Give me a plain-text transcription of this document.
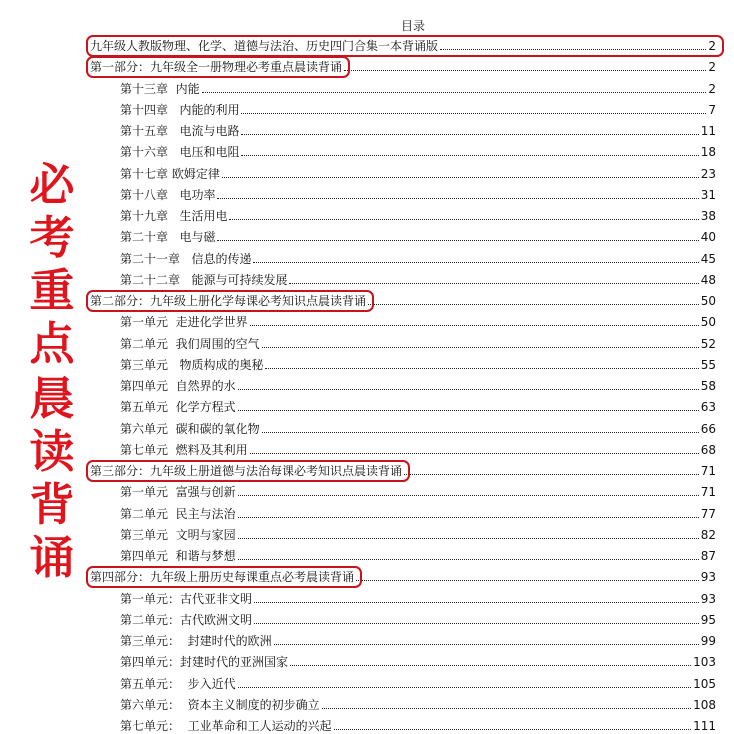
目录
必
考
重
点
晨
读
背
诵
九年级人教版物理、化学、道德与法治、历史四门合集一本背诵版	2
第一部分：九年级全一册物理必考重点晨读背诵	2
第十三章  内能	2
第十四章   内能的利用	7
第十五章   电流与电路	11
第十六章   电压和电阻	18
第十七章 欧姆定律	23
第十八章   电功率	31
第十九章   生活用电	38
第二十章   电与磁	40
第二十一章   信息的传递	45
第二十二章   能源与可持续发展	48
第二部分：九年级上册化学每课必考知识点晨读背诵	50
第一单元  走进化学世界	50
第二单元  我们周围的空气	52
第三单元   物质构成的奥秘	55
第四单元  自然界的水	58
第五单元  化学方程式	63
第六单元  碳和碳的氧化物	66
第七单元  燃料及其利用	68
第三部分：九年级上册道德与法治每课必考知识点晨读背诵	71
第一单元  富强与创新	71
第二单元  民主与法治	77
第三单元  文明与家园	82
第四单元  和谐与梦想	87
第四部分：九年级上册历史每课重点必考晨读背诵	93
第一单元：古代亚非文明	93
第二单元：古代欧洲文明	95
第三单元：  封建时代的欧洲	99
第四单元：封建时代的亚洲国家	103
第五单元：  步入近代	105
第六单元：  资本主义制度的初步确立	108
第七单元：  工业革命和工人运动的兴起	111
